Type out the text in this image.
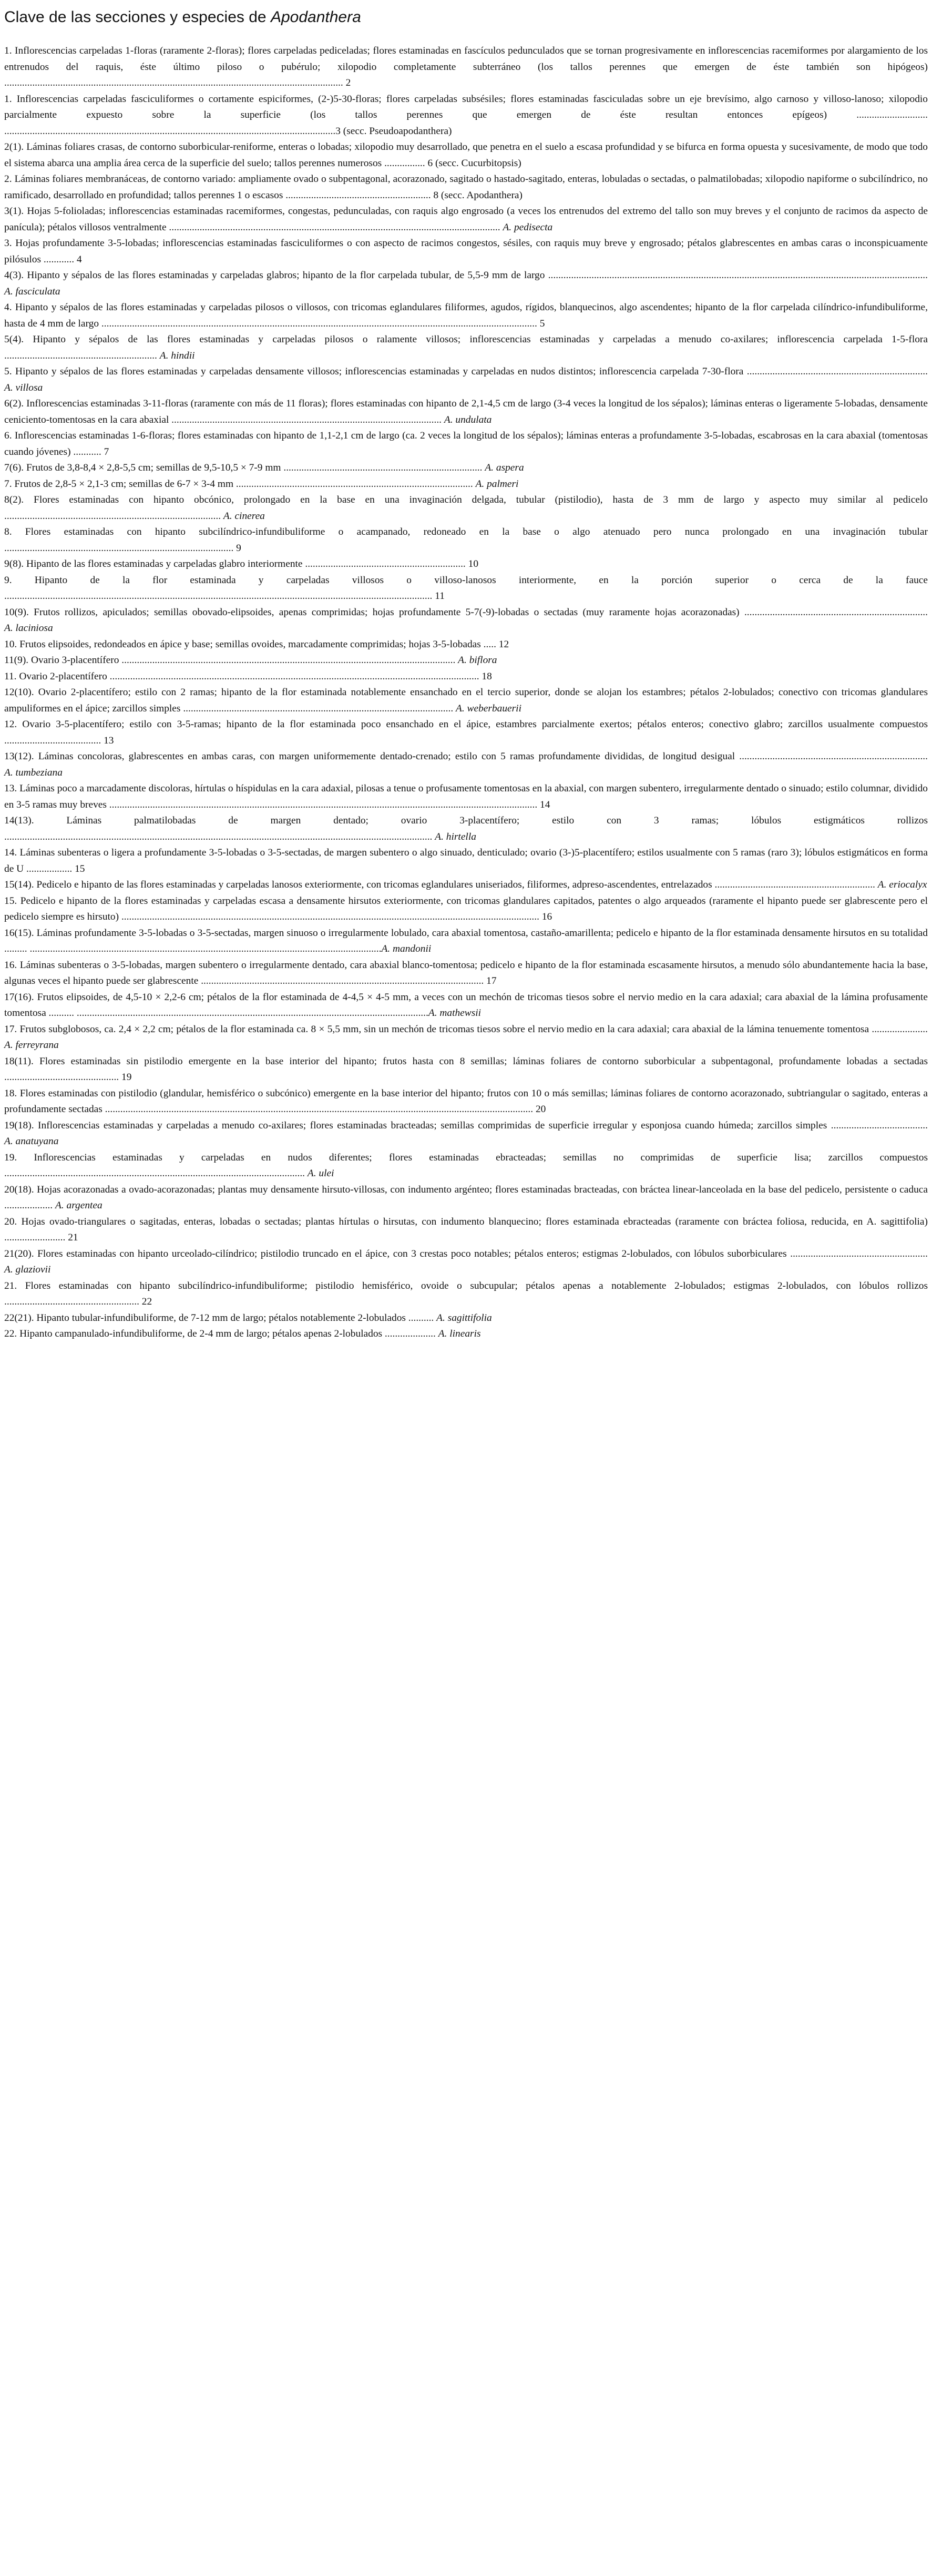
Clave de las secciones y especies de Apodanthera

1. Inflorescencias carpeladas 1-floras (raramente 2-floras); flores carpeladas pediceladas; flores estaminadas en fascículos pedunculados que se tornan progresivamente en inflorescencias racemiformes por alargamiento de los entrenudos del raquis, éste último piloso o pubérulo; xilopodio completamente subterráneo (los tallos perennes que emergen de éste también son hipógeos) ..................................................................................................................................... 2

1. Inflorescencias carpeladas fasciculiformes o cortamente espiciformes, (2-)5-30-floras; flores carpeladas subsésiles; flores estaminadas fasciculadas sobre un eje brevísimo, algo carnoso y villoso-lanoso; xilopodio parcialmente expuesto sobre la superficie (los tallos perennes que emergen de éste resultan entonces epígeos) ............................ ..................................................................................................................................3 (secc. Pseudoapodanthera)

2(1). Láminas foliares crasas, de contorno suborbicular-reniforme, enteras o lobadas; xilopodio muy desarrollado, que penetra en el suelo a escasa profundidad y se bifurca en forma opuesta y sucesivamente, de modo que todo el sistema abarca una amplia área cerca de la superficie del suelo; tallos perennes numerosos ................ 6 (secc. Cucurbitopsis)

2. Láminas foliares membranáceas, de contorno variado: ampliamente ovado o subpentagonal, acorazonado, sagitado o hastado-sagitado, enteras, lobuladas o sectadas, o palmatilobadas; xilopodio napiforme o subcilíndrico, no ramificado, desarrollado en profundidad; tallos perennes 1 o escasos ......................................................... 8 (secc. Apodanthera)

3(1). Hojas 5-folioladas; inflorescencias estaminadas racemiformes, congestas, pedunculadas, con raquis algo engrosado (a veces los entrenudos del extremo del tallo son muy breves y el conjunto de racimos da aspecto de panícula); pétalos villosos ventralmente .................................................................................................................................. A. pedisecta

3. Hojas profundamente 3-5-lobadas; inflorescencias estaminadas fasciculiformes o con aspecto de racimos congestos, sésiles, con raquis muy breve y engrosado; pétalos glabrescentes en ambas caras o inconspicuamente pilósulos ............ 4

4(3). Hipanto y sépalos de las flores estaminadas y carpeladas glabros; hipanto de la flor carpelada tubular, de 5,5-9 mm de largo ..................................................................................................................................................... A. fasciculata

4. Hipanto y sépalos de las flores estaminadas y carpeladas pilosos o villosos, con tricomas eglandulares filiformes, agudos, rígidos, blanquecinos, algo ascendentes; hipanto de la flor carpelada cilíndrico-infundibuliforme, hasta de 4 mm de largo ........................................................................................................................................................................... 5

5(4). Hipanto y sépalos de las flores estaminadas y carpeladas pilosos o ralamente villosos; inflorescencias estaminadas y carpeladas a menudo co-axilares; inflorescencia carpelada 1-5-flora ............................................................ A. hindii

5. Hipanto y sépalos de las flores estaminadas y carpeladas densamente villosos; inflorescencias estaminadas y carpeladas en nudos distintos; inflorescencia carpelada 7-30-flora ....................................................................... A. villosa

6(2). Inflorescencias estaminadas 3-11-floras (raramente con más de 11 floras); flores estaminadas con hipanto de 2,1-4,5 cm de largo (3-4 veces la longitud de los sépalos); láminas enteras o ligeramente 5-lobadas, densamente ceniciento-tomentosas en la cara abaxial .......................................................................................................... A. undulata

6. Inflorescencias estaminadas 1-6-floras; flores estaminadas con hipanto de 1,1-2,1 cm de largo (ca. 2 veces la longitud de los sépalos); láminas enteras a profundamente 3-5-lobadas, escabrosas en la cara abaxial (tomentosas cuando jóvenes) ........... 7

7(6). Frutos de 3,8-8,4 × 2,8-5,5 cm; semillas de 9,5-10,5 × 7-9 mm .............................................................................. A. aspera

7. Frutos de 2,8-5 × 2,1-3 cm; semillas de 6-7 × 3-4 mm ............................................................................................. A. palmeri

8(2). Flores estaminadas con hipanto obcónico, prolongado en la base en una invaginación delgada, tubular (pistilodio), hasta de 3 mm de largo y aspecto muy similar al pedicelo ..................................................................................... A. cinerea

8. Flores estaminadas con hipanto subcilíndrico-infundibuliforme o acampanado, redoneado en la base o algo atenuado pero nunca prolongado en una invaginación tubular .......................................................................................... 9

9(8). Hipanto de las flores estaminadas y carpeladas glabro interiormente ............................................................... 10

9. Hipanto de la flor estaminada y carpeladas villosos o villoso-lanosos interiormente, en la porción superior o cerca de la fauce ........................................................................................................................................................................ 11

10(9). Frutos rollizos, apiculados; semillas obovado-elipsoides, apenas comprimidas; hojas profundamente 5-7(-9)-lobadas o sectadas (muy raramente hojas acorazonadas) ........................................................................ A. laciniosa

10. Frutos elipsoides, redondeados en ápice y base; semillas ovoides, marcadamente comprimidas; hojas 3-5-lobadas ..... 12

11(9). Ovario 3-placentífero ................................................................................................................................... A. biflora

11. Ovario 2-placentífero ................................................................................................................................................. 18

12(10). Ovario 2-placentífero; estilo con 2 ramas; hipanto de la flor estaminada notablemente ensanchado en el tercio superior, donde se alojan los estambres; pétalos 2-lobulados; conectivo con tricomas glandulares ampuliformes en el ápice; zarcillos simples .......................................................................................................... A. weberbauerii

12. Ovario 3-5-placentífero; estilo con 3-5-ramas; hipanto de la flor estaminada poco ensanchado en el ápice, estambres parcialmente exertos; pétalos enteros; conectivo glabro; zarcillos usualmente compuestos ...................................... 13

13(12). Láminas concoloras, glabrescentes en ambas caras, con margen uniformemente dentado-crenado; estilo con 5 ramas profundamente divididas, de longitud desigual .......................................................................... A. tumbeziana

13. Láminas poco a marcadamente discoloras, hírtulas o híspidulas en la cara adaxial, pilosas a tenue o profusamente tomentosas en la abaxial, con margen subentero, irregularmente dentado o sinuado; estilo columnar, dividido en 3-5 ramas muy breves ........................................................................................................................................................................ 14

14(13). Láminas palmatilobadas de margen dentado; ovario 3-placentífero; estilo con 3 ramas; lóbulos estigmáticos rollizos ........................................................................................................................................................................ A. hirtella

14. Láminas subenteras o ligera a profundamente 3-5-lobadas o 3-5-sectadas, de margen subentero o algo sinuado, denticulado; ovario (3-)5-placentífero; estilos usualmente con 5 ramas (raro 3); lóbulos estigmáticos en forma de U .................. 15

15(14). Pedicelo e hipanto de las flores estaminadas y carpeladas lanosos exteriormente, con tricomas eglandulares uniseriados, filiformes, adpreso-ascendentes, entrelazados ............................................................... A. eriocalyx

15. Pedicelo e hipanto de la flores estaminadas y carpeladas escasa a densamente hirsutos exteriormente, con tricomas glandulares capitados, patentes o algo arqueados (raramente el hipanto puede ser glabrescente pero el pedicelo siempre es hirsuto) .................................................................................................................................................................... 16

16(15). Láminas profundamente 3-5-lobadas o 3-5-sectadas, margen sinuoso o irregularmente lobulado, cara abaxial tomentosa, castaño-amarillenta; pedicelo e hipanto de la flor estaminada densamente hirsutos en su totalidad ......... ..........................................................................................................................................A. mandonii

16. Láminas subenteras o 3-5-lobadas, margen subentero o irregularmente dentado, cara abaxial blanco-tomentosa; pedicelo e hipanto de la flor estaminada escasamente hirsutos, a menudo sólo abundantemente hacia la base, algunas veces el hipanto puede ser glabrescente ............................................................................................................... 17

17(16). Frutos elipsoides, de 4,5-10 × 2,2-6 cm; pétalos de la flor estaminada de 4-4,5 × 4-5 mm, a veces con un mechón de tricomas tiesos sobre el nervio medio en la cara adaxial; cara abaxial de la lámina profusamente tomentosa .......... ..........................................................................................................................................A. mathewsii

17. Frutos subglobosos, ca. 2,4 × 2,2 cm; pétalos de la flor estaminada ca. 8 × 5,5 mm, sin un mechón de tricomas tiesos sobre el nervio medio en la cara adaxial; cara abaxial de la lámina tenuemente tomentosa ...................... A. ferreyrana

18(11). Flores estaminadas sin pistilodio emergente en la base interior del hipanto; frutos hasta con 8 semillas; láminas foliares de contorno suborbicular a subpentagonal, profundamente lobadas a sectadas ............................................. 19

18. Flores estaminadas con pistilodio (glandular, hemisférico o subcónico) emergente en la base interior del hipanto; frutos con 10 o más semillas; láminas foliares de contorno acorazonado, subtriangular o sagitado, enteras a profundamente sectadas ........................................................................................................................................................................ 20

19(18). Inflorescencias estaminadas y carpeladas a menudo co-axilares; flores estaminadas bracteadas; semillas comprimidas de superficie irregular y esponjosa cuando húmeda; zarcillos simples ...................................... A. anatuyana

19. Inflorescencias estaminadas y carpeladas en nudos diferentes; flores estaminadas ebracteadas; semillas no comprimidas de superficie lisa; zarcillos compuestos ...................................................................................................................... A. ulei

20(18). Hojas acorazonadas a ovado-acorazonadas; plantas muy densamente hirsuto-villosas, con indumento argénteo; flores estaminadas bracteadas, con bráctea linear-lanceolada en la base del pedicelo, persistente o caduca ................... A. argentea

20. Hojas ovado-triangulares o sagitadas, enteras, lobadas o sectadas; plantas hírtulas o hirsutas, con indumento blanquecino; flores estaminada ebracteadas (raramente con bráctea foliosa, reducida, en A. sagittifolia) ........................ 21

21(20). Flores estaminadas con hipanto urceolado-cilíndrico; pistilodio truncado en el ápice, con 3 crestas poco notables; pétalos enteros; estigmas 2-lobulados, con lóbulos suborbiculares ...................................................... A. glaziovii

21. Flores estaminadas con hipanto subcilíndrico-infundibuliforme; pistilodio hemisférico, ovoide o subcupular; pétalos apenas a notablemente 2-lobulados; estigmas 2-lobulados, con lóbulos rollizos ..................................................... 22

22(21). Hipanto tubular-infundibuliforme, de 7-12 mm de largo; pétalos notablemente 2-lobulados .......... A. sagittifolia

22. Hipanto campanulado-infundibuliforme, de 2-4 mm de largo; pétalos apenas 2-lobulados .................... A. linearis
